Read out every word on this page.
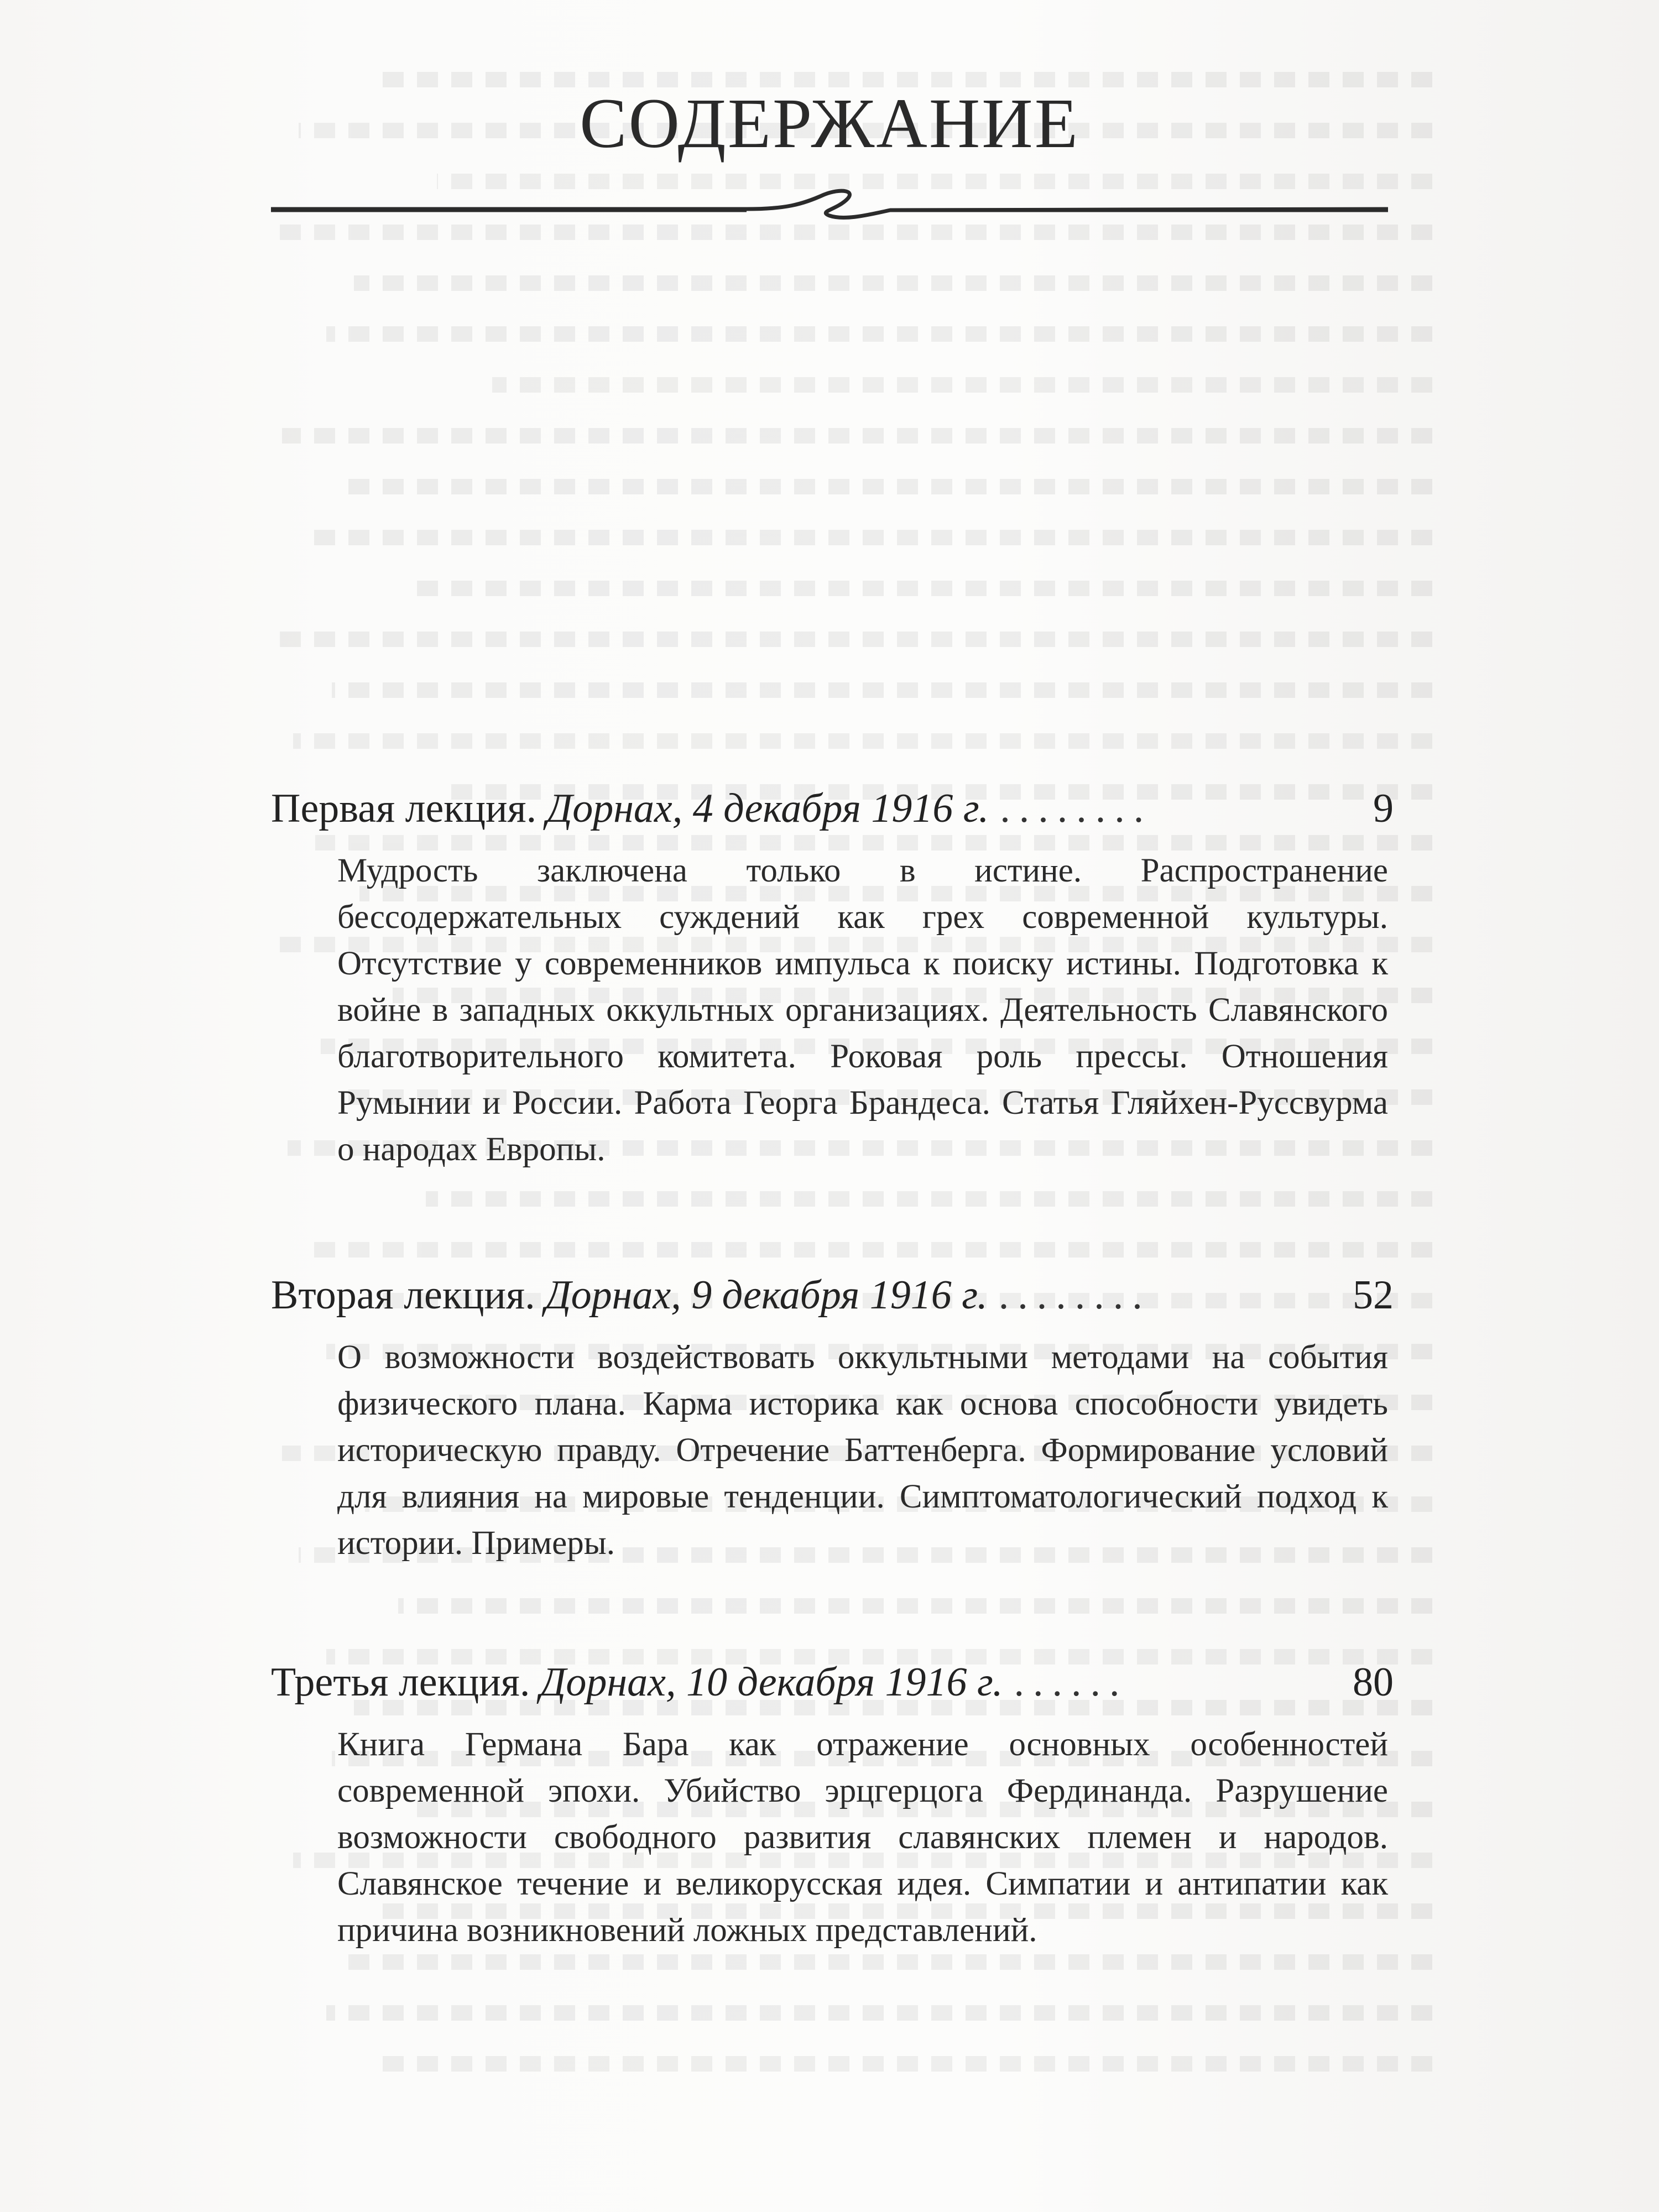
СОДЕРЖАНИЕ
Первая лекция. Дорнах, 4 декабря 1916 г. ........	9
Мудрость заключена только в истине. Распространение бессодержательных суждений как грех современной культуры. Отсутствие у современников импульса к поиску истины. Подготовка к войне в западных оккультных организациях. Деятельность Славянского благотворительного комитета. Роковая роль прессы. Отношения Румынии и России. Работа Георга Брандеса. Статья Гляйхен-Руссвурма о народах Европы.
Вторая лекция. Дорнах, 9 декабря 1916 г. ........	52
О возможности воздействовать оккультными методами на события физического плана. Карма историка как основа способности увидеть историческую правду. Отречение Баттенберга. Формирование условий для влияния на мировые тенденции. Симптоматологический подход к истории. Примеры.
Третья лекция. Дорнах, 10 декабря 1916 г. ......	80
Книга Германа Бара как отражение основных особенностей современной эпохи. Убийство эрцгерцога Фердинанда. Разрушение возможности свободного развития славянских племен и народов. Славянское течение и великорусская идея. Симпатии и антипатии как причина возникновений ложных представлений.
